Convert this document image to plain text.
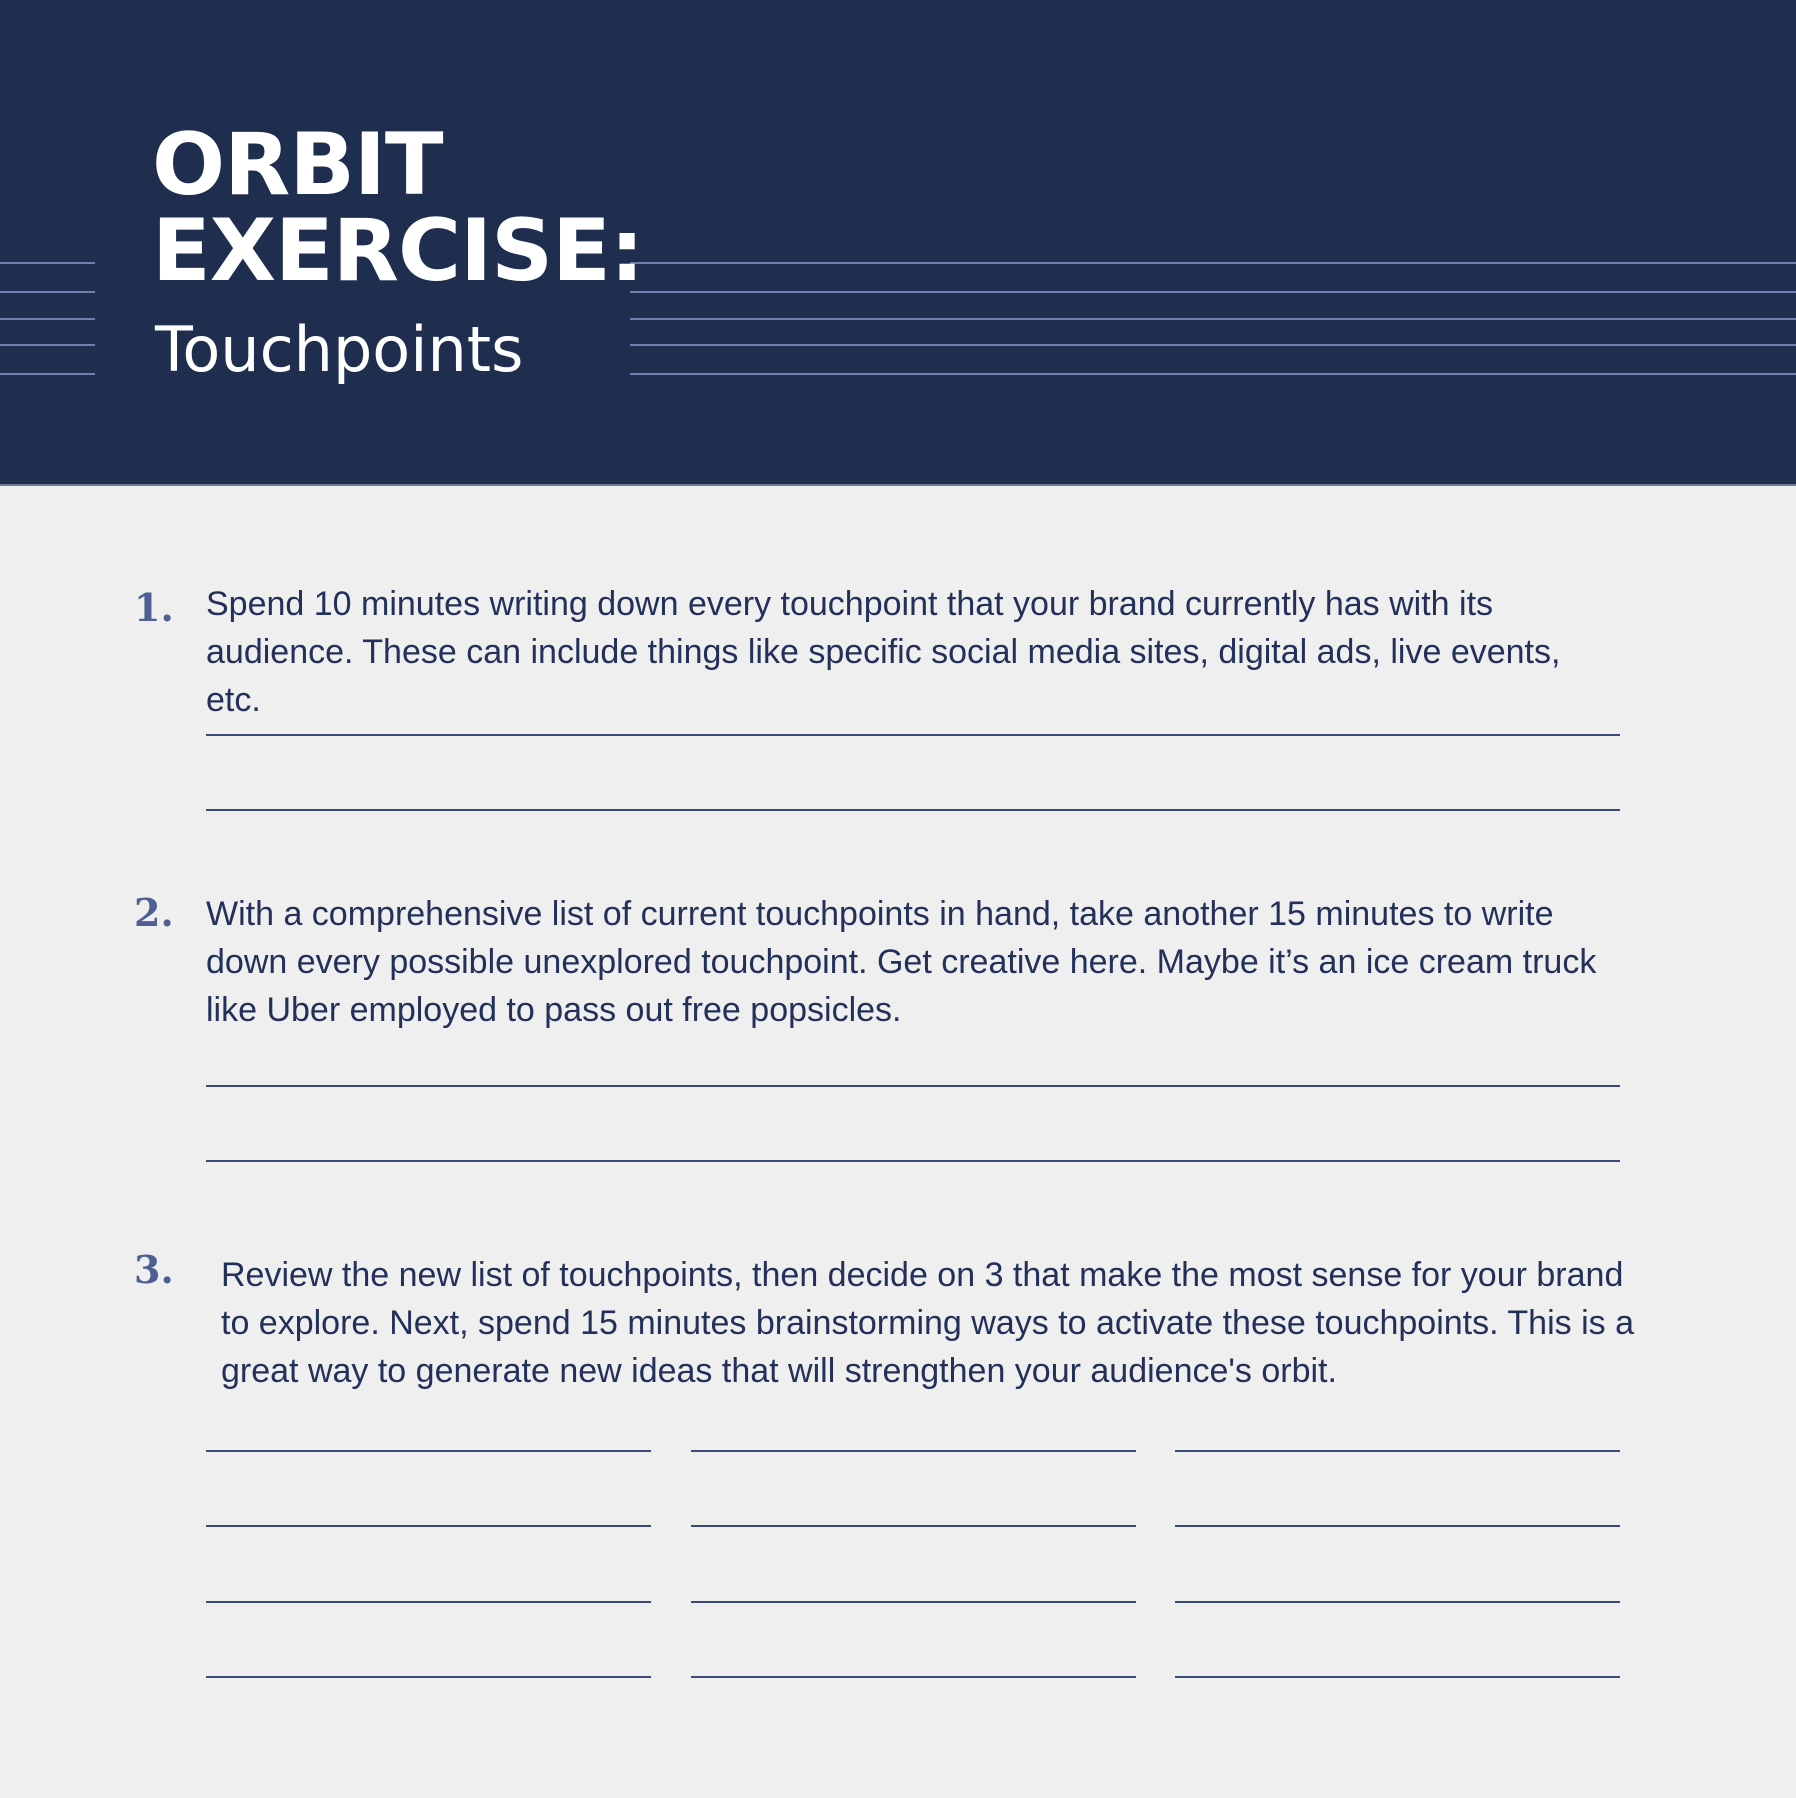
ORBIT
EXERCISE:
Touchpoints
1. Spend 10 minutes writing down every touchpoint that your brand currently has with its audience. These can include things like specific social media sites, digital ads, live events, etc.
2. With a comprehensive list of current touchpoints in hand, take another 15 minutes to write down every possible unexplored touchpoint. Get creative here. Maybe it’s an ice cream truck like Uber employed to pass out free popsicles.
3. Review the new list of touchpoints, then decide on 3 that make the most sense for your brand to explore. Next, spend 15 minutes brainstorming ways to activate these touchpoints. This is a great way to generate new ideas that will strengthen your audience's orbit.
